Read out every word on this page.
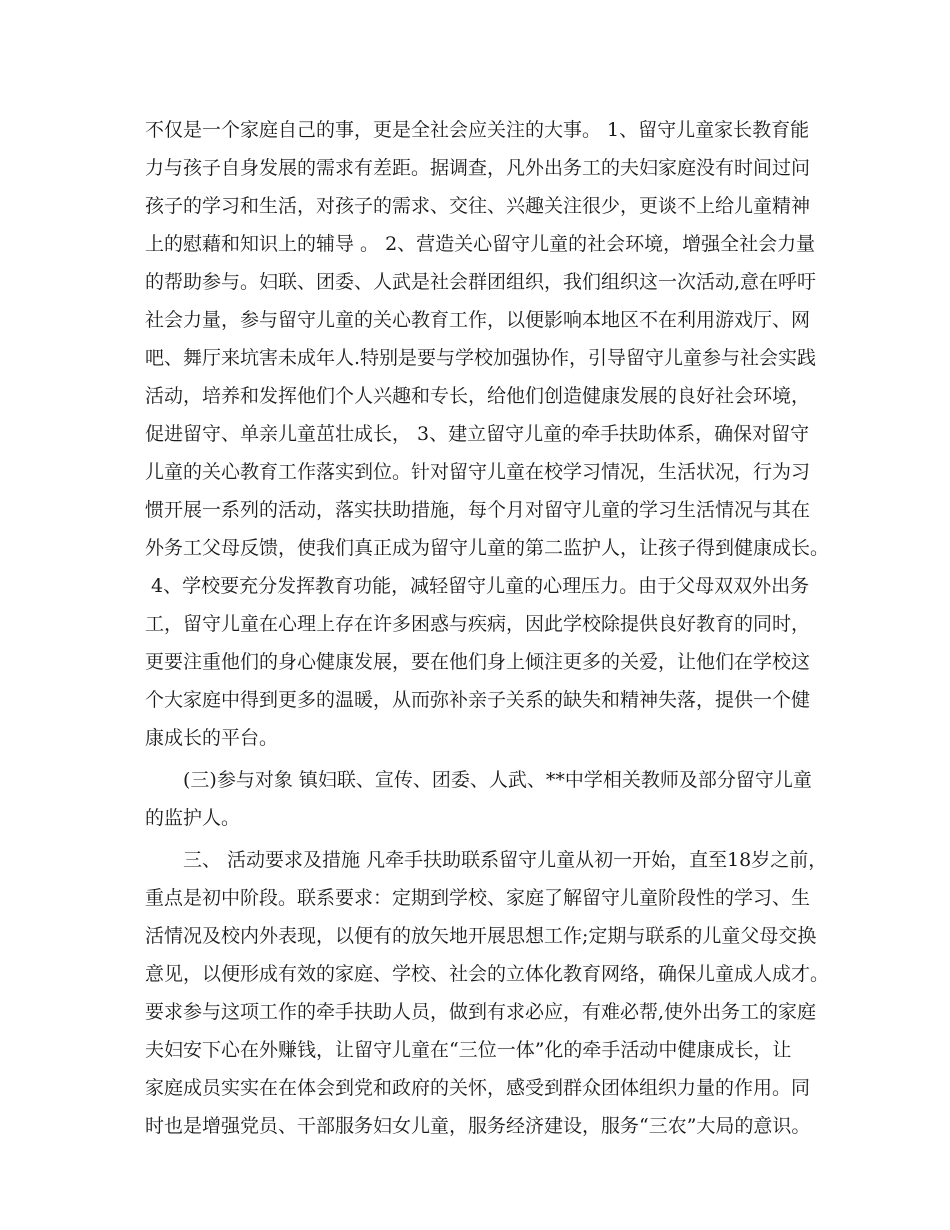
不仅是一个家庭自己的事，更是全社会应关注的大事。 1、留守儿童家长教育能
力与孩子自身发展的需求有差距。据调查，凡外出务工的夫妇家庭没有时间过问
孩子的学习和生活，对孩子的需求、交往、兴趣关注很少，更谈不上给儿童精神
上的慰藉和知识上的辅导 。 2、营造关心留守儿童的社会环境，增强全社会力量
的帮助参与。妇联、团委、人武是社会群团组织，我们组织这一次活动,意在呼吁
社会力量，参与留守儿童的关心教育工作，以便影响本地区不在利用游戏厅、网
吧、舞厅来坑害未成年人.特别是要与学校加强协作，引导留守儿童参与社会实践
活动，培养和发挥他们个人兴趣和专长，给他们创造健康发展的良好社会环境，
促进留守、单亲儿童茁壮成长， 3、建立留守儿童的牵手扶助体系，确保对留守
儿童的关心教育工作落实到位。针对留守儿童在校学习情况，生活状况，行为习
惯开展一系列的活动，落实扶助措施，每个月对留守儿童的学习生活情况与其在
外务工父母反馈，使我们真正成为留守儿童的第二监护人，让孩子得到健康成长。
4、学校要充分发挥教育功能，减轻留守儿童的心理压力。由于父母双双外出务
工，留守儿童在心理上存在许多困惑与疾病，因此学校除提供良好教育的同时，
更要注重他们的身心健康发展，要在他们身上倾注更多的关爱，让他们在学校这
个大家庭中得到更多的温暖，从而弥补亲子关系的缺失和精神失落，提供一个健
康成长的平台。
(三)参与对象 镇妇联、宣传、团委、人武、**中学相关教师及部分留守儿童
的监护人。
三、 活动要求及措施 凡牵手扶助联系留守儿童从初一开始，直至18岁之前，
重点是初中阶段。联系要求：定期到学校、家庭了解留守儿童阶段性的学习、生
活情况及校内外表现，以便有的放矢地开展思想工作;定期与联系的儿童父母交换
意见，以便形成有效的家庭、学校、社会的立体化教育网络，确保儿童成人成才。
要求参与这项工作的牵手扶助人员，做到有求必应，有难必帮,使外出务工的家庭
夫妇安下心在外赚钱，让留守儿童在“三位一体”化的牵手活动中健康成长，让
家庭成员实实在在体会到党和政府的关怀，感受到群众团体组织力量的作用。同
时也是增强党员、干部服务妇女儿童，服务经济建设，服务“三农”大局的意识。
